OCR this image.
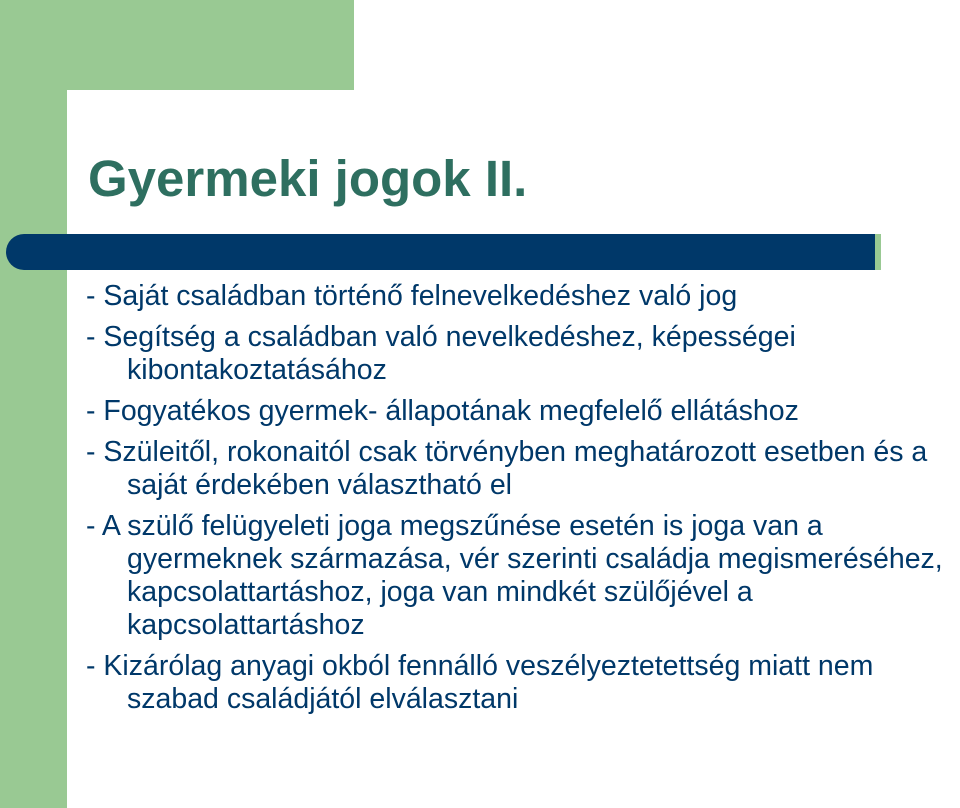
Gyermeki jogok II.
- Saját családban történő felnevelkedéshez való jog
- Segítség a családban való nevelkedéshez, képességei kibontakoztatásához
- Fogyatékos gyermek- állapotának megfelelő ellátáshoz
- Szüleitől, rokonaitól csak törvényben meghatározott esetben és a saját érdekében választható el
- A szülő felügyeleti joga megszűnése esetén is joga van a gyermeknek származása, vér szerinti családja megismeréséhez, kapcsolattartáshoz, joga van mindkét szülőjével a kapcsolattartáshoz
- Kizárólag anyagi okból fennálló veszélyeztetettség miatt nem szabad családjától elválasztani
